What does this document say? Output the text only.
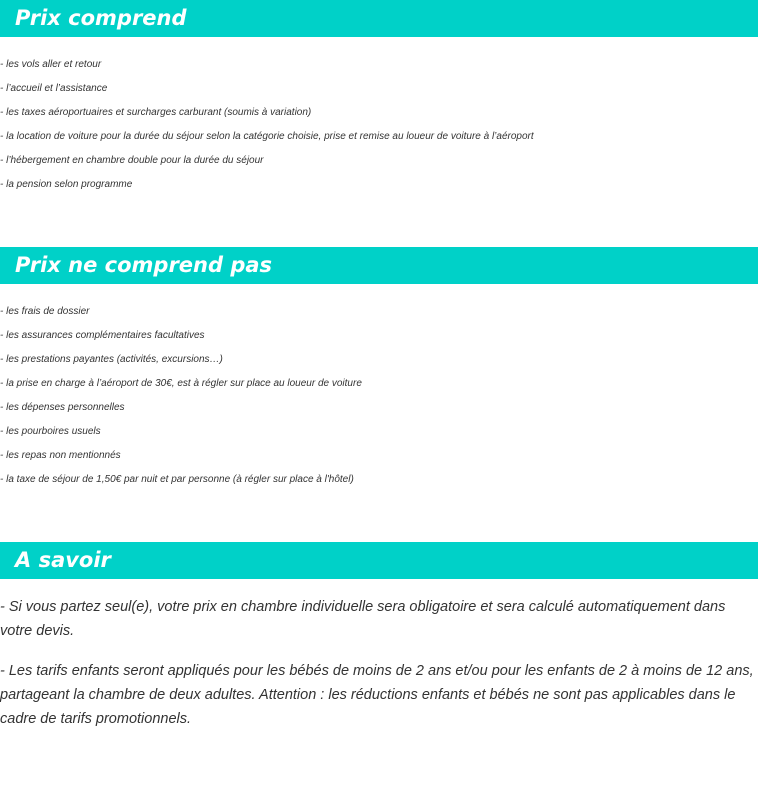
Prix comprend
- les vols aller et retour
- l’accueil et l’assistance
- les taxes aéroportuaires et surcharges carburant (soumis à variation)
- la location de voiture pour la durée du séjour selon la catégorie choisie, prise et remise au loueur de voiture à l’aéroport
- l’hébergement en chambre double pour la durée du séjour
- la pension selon programme
Prix ne comprend pas
- les frais de dossier
- les assurances complémentaires facultatives
- les prestations payantes (activités, excursions…)
- la prise en charge à l’aéroport de 30€, est à régler sur place au loueur de voiture
- les dépenses personnelles
- les pourboires usuels
- les repas non mentionnés
- la taxe de séjour de 1,50€ par nuit et par personne (à régler sur place à l'hôtel)
A savoir

- Si vous partez seul(e), votre prix en chambre individuelle sera obligatoire et sera calculé automatiquement dans votre devis.

- Les tarifs enfants seront appliqués pour les bébés de moins de 2 ans et/ou pour les enfants de 2 à moins de 12 ans, partageant la chambre de deux adultes. Attention : les réductions enfants et bébés ne sont pas applicables dans le cadre de tarifs promotionnels.
